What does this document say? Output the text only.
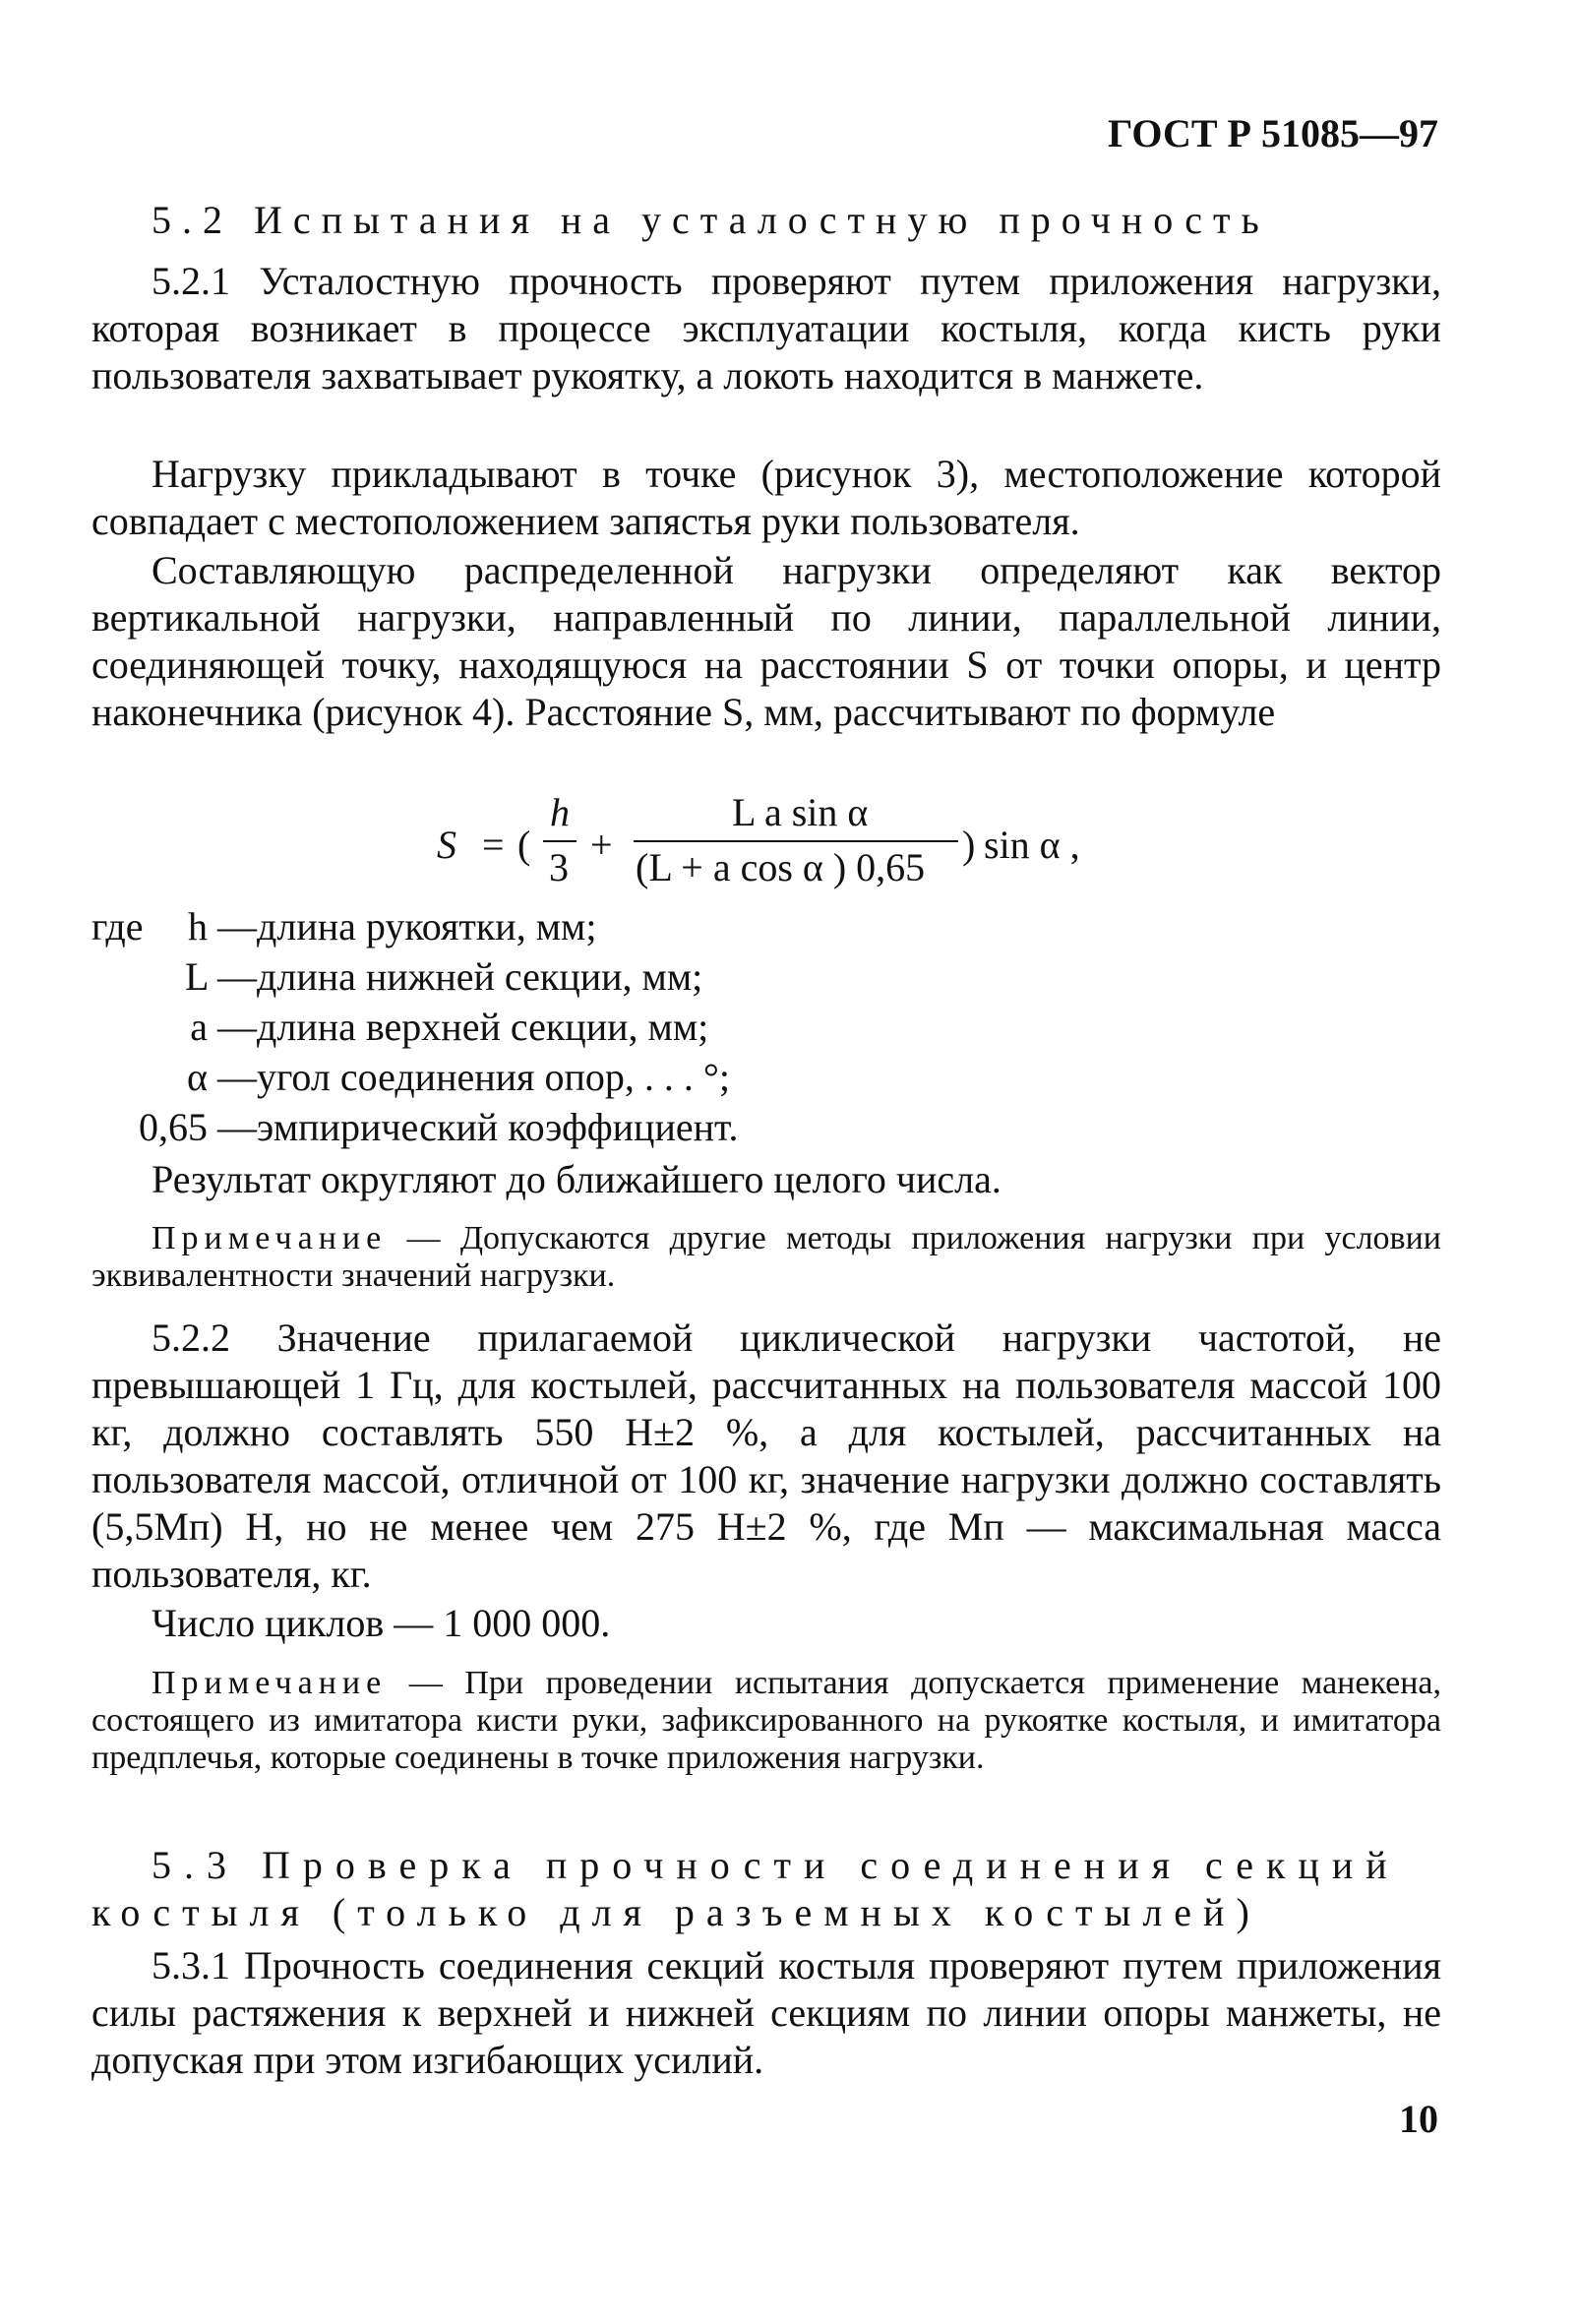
ГОСТ Р 51085—97
5.2 Испытания на усталостную прочность
5.2.1 Усталостную прочность проверяют путем приложения нагрузки, которая возникает в процессе эксплуатации костыля, когда кисть руки пользователя захватывает рукоятку, а локоть находится в манжете.
Нагрузку прикладывают в точке (рисунок 3), местоположение которой совпадает с местоположением запястья руки пользователя.
Составляющую распределенной нагрузки определяют как вектор вертикальной нагрузки, направленный по линии, параллельной линии, соединяющей точку, находящуюся на расстоянии S от точки опоры, и центр наконечника (рисунок 4). Расстояние S, мм, рассчитывают по формуле
S = (
h
3
+
L a sin α
(L + a cos α ) 0,65
) sin α ,
где	h — длина рукоятки, мм;
L — длина нижней секции, мм;
a — длина верхней секции, мм;
α — угол соединения опор, . . . °;
0,65 — эмпирический коэффициент.
Результат округляют до ближайшего целого числа.
Примечание — Допускаются другие методы приложения нагрузки при условии эквивалентности значений нагрузки.
5.2.2 Значение прилагаемой циклической нагрузки частотой, не превышающей 1 Гц, для костылей, рассчитанных на пользователя массой 100 кг, должно составлять 550 Н±2 %, а для костылей, рассчитанных на пользователя массой, отличной от 100 кг, значение нагрузки должно составлять (5,5Mп) Н, но не менее чем 275 Н±2 %, где Mп — максимальная масса пользователя, кг.
Число циклов — 1 000 000.
Примечание — При проведении испытания допускается применение манекена, состоящего из имитатора кисти руки, зафиксированного на рукоятке костыля, и имитатора предплечья, которые соединены в точке приложения нагрузки.
5.3 Проверка прочности соединения секций
костыля (только для разъемных костылей)
5.3.1 Прочность соединения секций костыля проверяют путем приложения силы растяжения к верхней и нижней секциям по линии опоры манжеты, не допуская при этом изгибающих усилий.
10
